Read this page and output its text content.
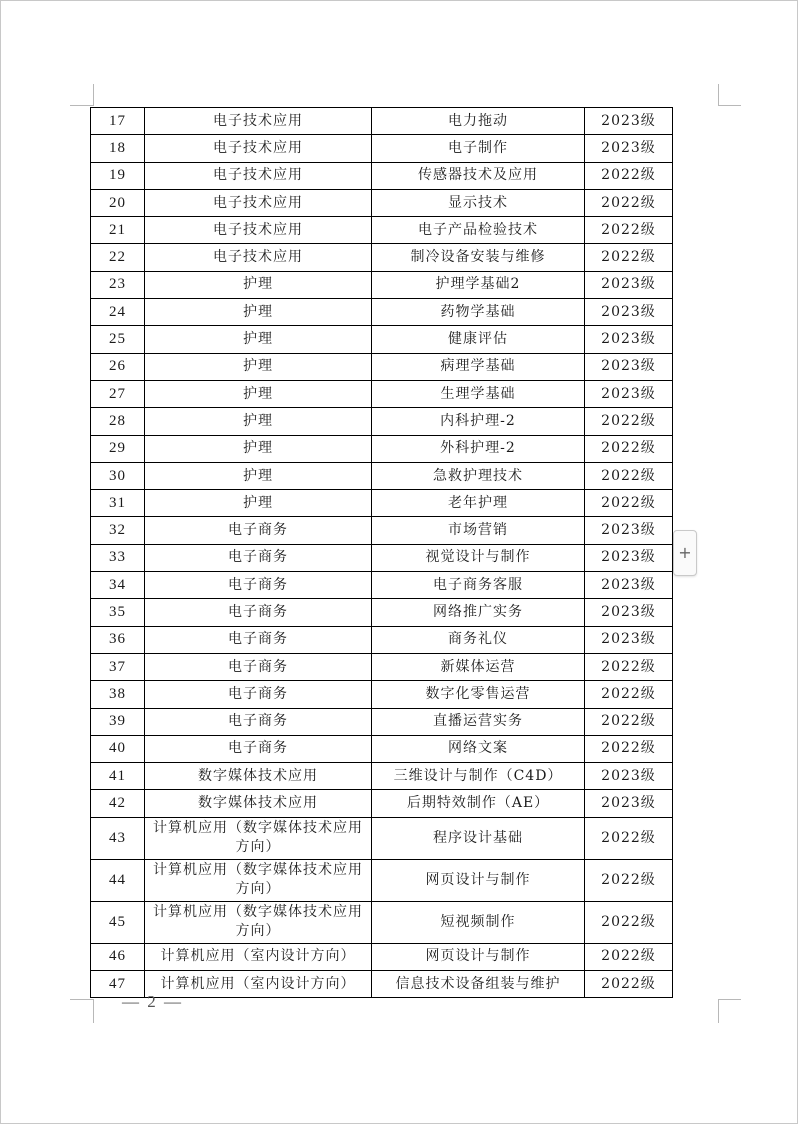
17	电子技术应用	电力拖动	2023级
18	电子技术应用	电子制作	2023级
19	电子技术应用	传感器技术及应用	2022级
20	电子技术应用	显示技术	2022级
21	电子技术应用	电子产品检验技术	2022级
22	电子技术应用	制冷设备安装与维修	2022级
23	护理	护理学基础2	2023级
24	护理	药物学基础	2023级
25	护理	健康评估	2023级
26	护理	病理学基础	2023级
27	护理	生理学基础	2023级
28	护理	内科护理-2	2022级
29	护理	外科护理-2	2022级
30	护理	急救护理技术	2022级
31	护理	老年护理	2022级
32	电子商务	市场营销	2023级
33	电子商务	视觉设计与制作	2023级
34	电子商务	电子商务客服	2023级
35	电子商务	网络推广实务	2023级
36	电子商务	商务礼仪	2023级
37	电子商务	新媒体运营	2022级
38	电子商务	数字化零售运营	2022级
39	电子商务	直播运营实务	2022级
40	电子商务	网络文案	2022级
41	数字媒体技术应用	三维设计与制作（C4D）	2023级
42	数字媒体技术应用	后期特效制作（AE）	2023级
43	计算机应用（数字媒体技术应用方向）	程序设计基础	2022级
44	计算机应用（数字媒体技术应用方向）	网页设计与制作	2022级
45	计算机应用（数字媒体技术应用方向）	短视频制作	2022级
46	计算机应用（室内设计方向）	网页设计与制作	2022级
47	计算机应用（室内设计方向）	信息技术设备组装与维护	2022级
— 2 —
+
